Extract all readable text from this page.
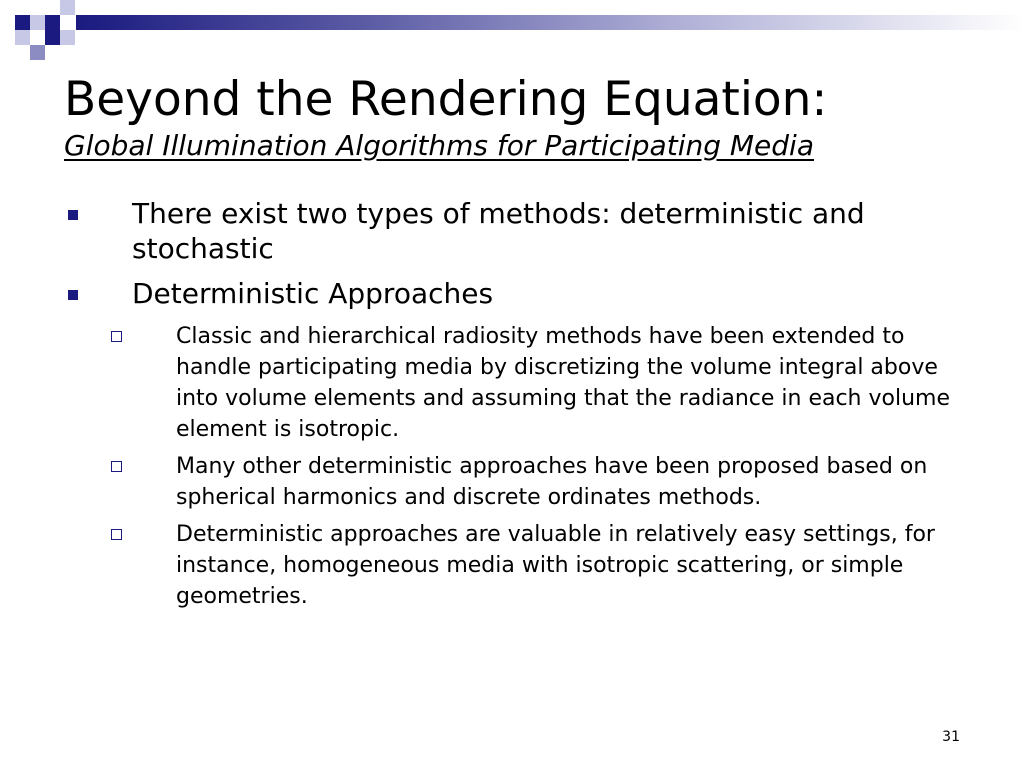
Beyond the Rendering Equation:
Global Illumination Algorithms for Participating Media
There exist two types of methods: deterministic and stochastic
Deterministic Approaches
Classic and hierarchical radiosity methods have been extended to handle participating media by discretizing the volume integral above into volume elements and assuming that the radiance in each volume element is isotropic.
Many other deterministic approaches have been proposed based on spherical harmonics and discrete ordinates methods.
Deterministic approaches are valuable in relatively easy settings, for instance, homogeneous media with isotropic scattering, or simple geometries.
31
